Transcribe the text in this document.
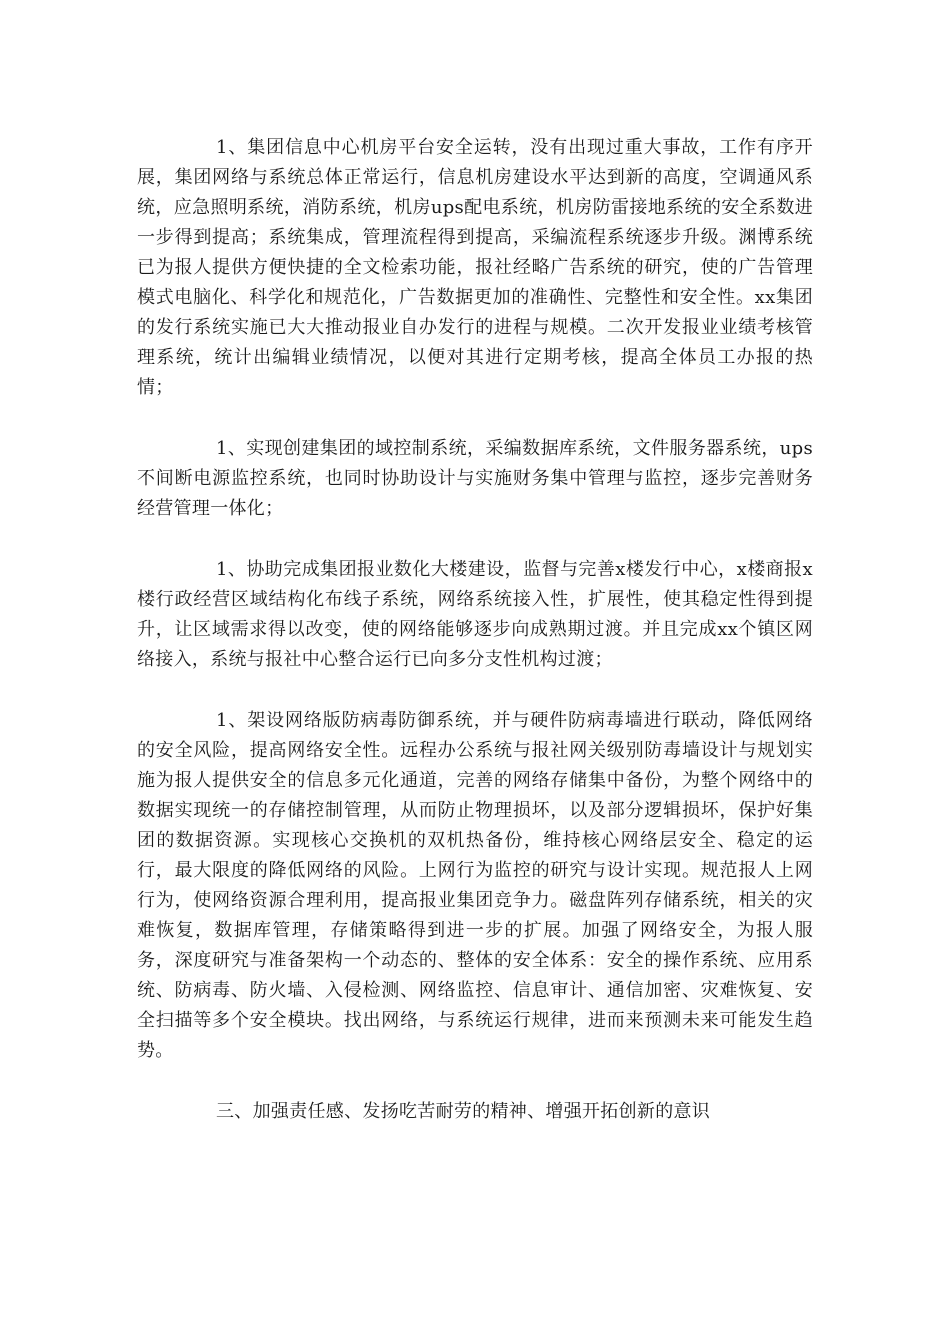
1、集团信息中心机房平台安全运转，没有出现过重大事故，工作有序开展，集团网络与系统总体正常运行，信息机房建设水平达到新的高度，空调通风系统，应急照明系统，消防系统，机房ups配电系统，机房防雷接地系统的安全系数进一步得到提高；系统集成，管理流程得到提高，采编流程系统逐步升级。渊博系统已为报人提供方便快捷的全文检索功能，报社经略广告系统的研究，使的广告管理模式电脑化、科学化和规范化，广告数据更加的准确性、完整性和安全性。xx集团的发行系统实施已大大推动报业自办发行的进程与规模。二次开发报业业绩考核管理系统，统计出编辑业绩情况，以便对其进行定期考核，提高全体员工办报的热情；

1、实现创建集团的域控制系统，采编数据库系统，文件服务器系统，ups不间断电源监控系统，也同时协助设计与实施财务集中管理与监控，逐步完善财务经营管理一体化；

1、协助完成集团报业数化大楼建设，监督与完善x楼发行中心，x楼商报x楼行政经营区域结构化布线子系统，网络系统接入性，扩展性，使其稳定性得到提升，让区域需求得以改变，使的网络能够逐步向成熟期过渡。并且完成xx个镇区网络接入，系统与报社中心整合运行已向多分支性机构过渡；

1、架设网络版防病毒防御系统，并与硬件防病毒墙进行联动，降低网络的安全风险，提高网络安全性。远程办公系统与报社网关级别防毒墙设计与规划实施为报人提供安全的信息多元化通道，完善的网络存储集中备份，为整个网络中的数据实现统一的存储控制管理，从而防止物理损坏，以及部分逻辑损坏，保护好集团的数据资源。实现核心交换机的双机热备份，维持核心网络层安全、稳定的运行，最大限度的降低网络的风险。上网行为监控的研究与设计实现。规范报人上网行为，使网络资源合理利用，提高报业集团竞争力。磁盘阵列存储系统，相关的灾难恢复，数据库管理，存储策略得到进一步的扩展。加强了网络安全，为报人服务，深度研究与准备架构一个动态的、整体的安全体系：安全的操作系统、应用系统、防病毒、防火墙、入侵检测、网络监控、信息审计、通信加密、灾难恢复、安全扫描等多个安全模块。找出网络，与系统运行规律，进而来预测未来可能发生趋势。

三、加强责任感、发扬吃苦耐劳的精神、增强开拓创新的意识
